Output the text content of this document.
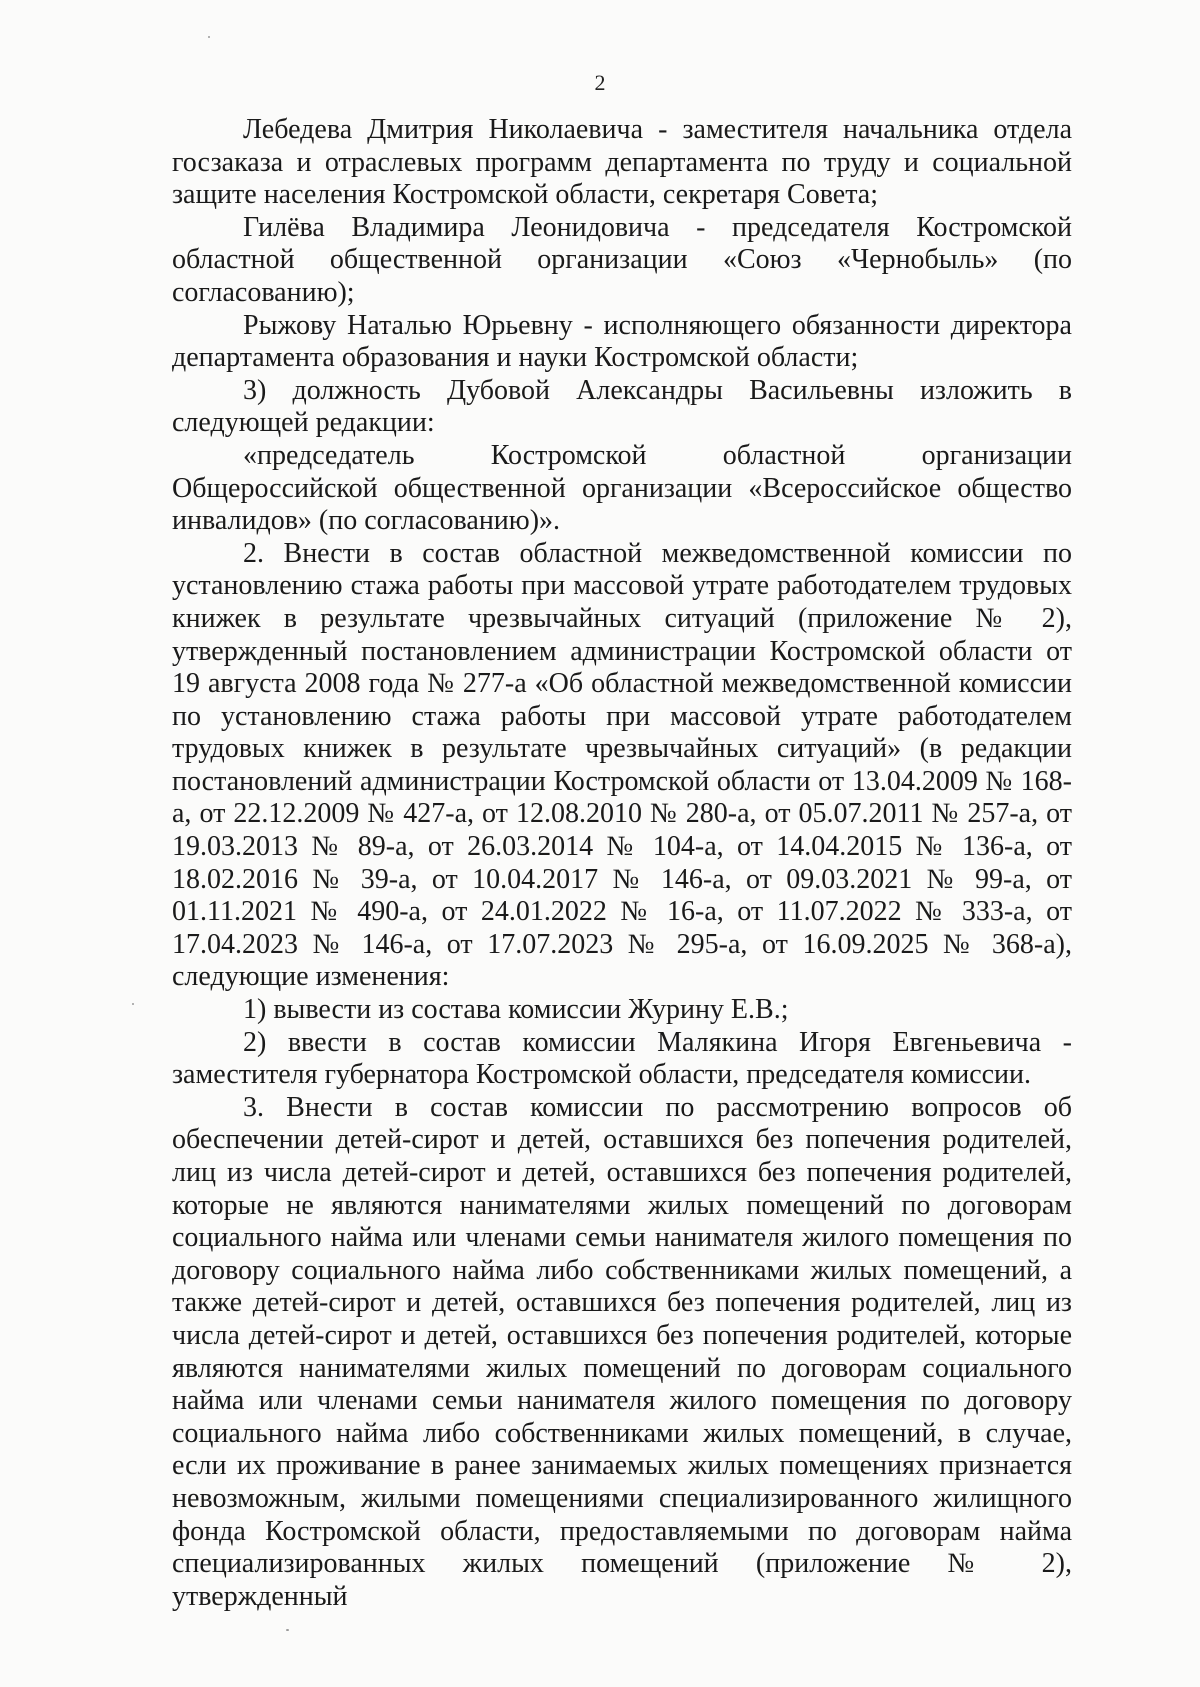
2

Лебедева Дмитрия Николаевича - заместителя начальника отдела госзаказа и отраслевых программ департамента по труду и социальной защите населения Костромской области, секретаря Совета;

Гилёва Владимира Леонидовича - председателя Костромской областной общественной организации «Союз «Чернобыль» (по согласованию);

Рыжову Наталью Юрьевну - исполняющего обязанности директора департамента образования и науки Костромской области;

3) должность Дубовой Александры Васильевны изложить в следующей редакции:

«председатель Костромской областной организации Общероссийской общественной организации «Всероссийское общество инвалидов» (по согласованию)».

2. Внести в состав областной межведомственной комиссии по установлению стажа работы при массовой утрате работодателем трудовых книжек в результате чрезвычайных ситуаций (приложение № 2), утвержденный постановлением администрации Костромской области от 19 августа 2008 года № 277-а «Об областной межведомственной комиссии по установлению стажа работы при массовой утрате работодателем трудовых книжек в результате чрезвычайных ситуаций» (в редакции постановлений администрации Костромской области от 13.04.2009 № 168-а, от 22.12.2009 № 427-а, от 12.08.2010 № 280-а, от 05.07.2011 № 257-а, от 19.03.2013 № 89-а, от 26.03.2014 № 104-а, от 14.04.2015 № 136-а, от 18.02.2016 № 39-а, от 10.04.2017 № 146-а, от 09.03.2021 № 99-а, от 01.11.2021 № 490-а, от 24.01.2022 № 16-а, от 11.07.2022 № 333-а, от 17.04.2023 № 146-а, от 17.07.2023 № 295-а, от 16.09.2025 № 368-а), следующие изменения:

1) вывести из состава комиссии Журину Е.В.;

2) ввести в состав комиссии Малякина Игоря Евгеньевича - заместителя губернатора Костромской области, председателя комиссии.

3. Внести в состав комиссии по рассмотрению вопросов об обеспечении детей-сирот и детей, оставшихся без попечения родителей, лиц из числа детей-сирот и детей, оставшихся без попечения родителей, которые не являются нанимателями жилых помещений по договорам социального найма или членами семьи нанимателя жилого помещения по договору социального найма либо собственниками жилых помещений, а также детей-сирот и детей, оставшихся без попечения родителей, лиц из числа детей-сирот и детей, оставшихся без попечения родителей, которые являются нанимателями жилых помещений по договорам социального найма или членами семьи нанимателя жилого помещения по договору социального найма либо собственниками жилых помещений, в случае, если их проживание в ранее занимаемых жилых помещениях признается невозможным, жилыми помещениями специализированного жилищного фонда Костромской области, предоставляемыми по договорам найма специализированных жилых помещений (приложение № 2), утвержденный
